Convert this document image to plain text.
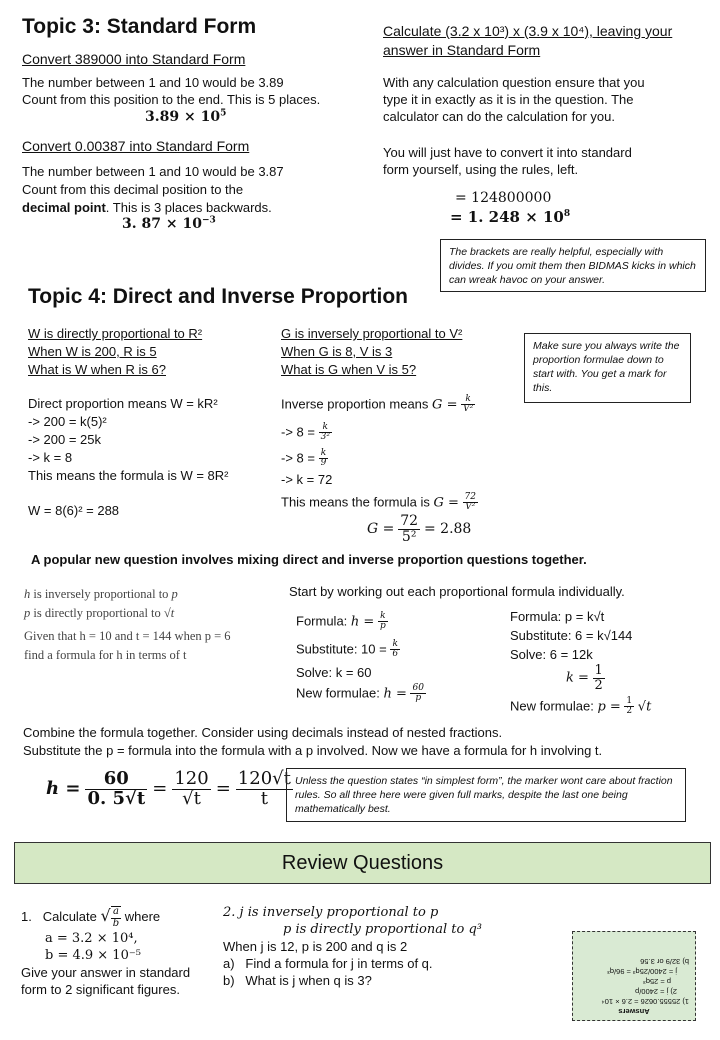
Topic 3: Standard Form
Convert 389000 into Standard Form
The number between 1 and 10 would be 3.89
Count from this position to the end. This is 5 places.
$3.89 \times 10^5$
Convert 0.00387 into Standard Form
The number between 1 and 10 would be 3.87
Count from this decimal position to the
decimal point. This is 3 places backwards.
3. $87 \times 10^{-3}$
Calculate (3.2 x 10³) x (3.9 x 10⁴), leaving your
answer in Standard Form
With any calculation question ensure that you
type it in exactly as it is in the question. The
calculator can do the calculation for you.
You will just have to convert it into standard
form yourself, using the rules, left.
= 124800000
= 1. $248 \times 10^8$
The brackets are really helpful, especially with divides. If you omit them then BIDMAS kicks in which can wreak havoc on your answer.
Topic 4: Direct and Inverse Proportion
W is directly proportional to R²
When W is 200, R is 5
What is W when R is 6?
Direct proportion means W = kR²
-> 200 = k(5)²
-> 200 = 25k
-> k = 8
This means the formula is W = 8R²
W = 8(6)² = 288
G is inversely proportional to V²
When G is 8, V is 3
What is G when V is 5?
Inverse proportion means $G = \frac{k}{\text{V²}}$
-> $8 = \frac{k}{\text{3²}}$
-> $8 = \frac{k}{9}$
-> k = 72
This means the formula is $G = \frac{72}{\text{V²}}$
$G = \frac{72}{\text{5²}} = 2.88$
Make sure you always write the proportion formulae down to start with. You get a mark for this.
A popular new question involves mixing direct and inverse proportion questions together.
h is inversely proportional to p
p is directly proportional to √t
Given that h = 10 and t = 144 when p = 6
find a formula for h in terms of t
Start by working out each proportional formula individually.
Formula: $h = \frac{k}{p}$
Substitute: $10 = \frac{k}{6}$
Solve: k = 60
New formulae: $h = \frac{60}{p}$
Formula: p = k√t
Substitute: 6 = k√144
Solve: 6 = 12k
$k = \frac{1}{2}$
New formulae: $p = \frac{1}{2} √t$
Combine the formula together. Consider using decimals instead of nested fractions.
Substitute the p = formula into the formula with a p involved. Now we have a formula for h involving t.
$h = \frac{60}{0. 5√t} = \frac{120}{√t} = \frac{120√t}{t}$ Unless the question states “in simplest form”, the marker wont care about fraction rules. So all three here were given full marks, despite the last one being mathematically best.
Review Questions
1. Calculate √ $\frac{a}{b}$ where
a = 3.2 × 10⁴,
b = 4.9 × 10⁻⁵
Give your answer in standard
form to 2 significant figures.
2. j is inversely proportional to p
p is directly proportional to q³
When j is 12, p is 200 and q is 2
a) Find a formula for j in terms of q.
b) What is j when q is 3?
Answers
1) 25555.0626 = 2.6 × 10⁴
2) j = 2400/p
p = 25q³
j = 2400/25q³ = 96/q³
b) 32/9 or 3.56
